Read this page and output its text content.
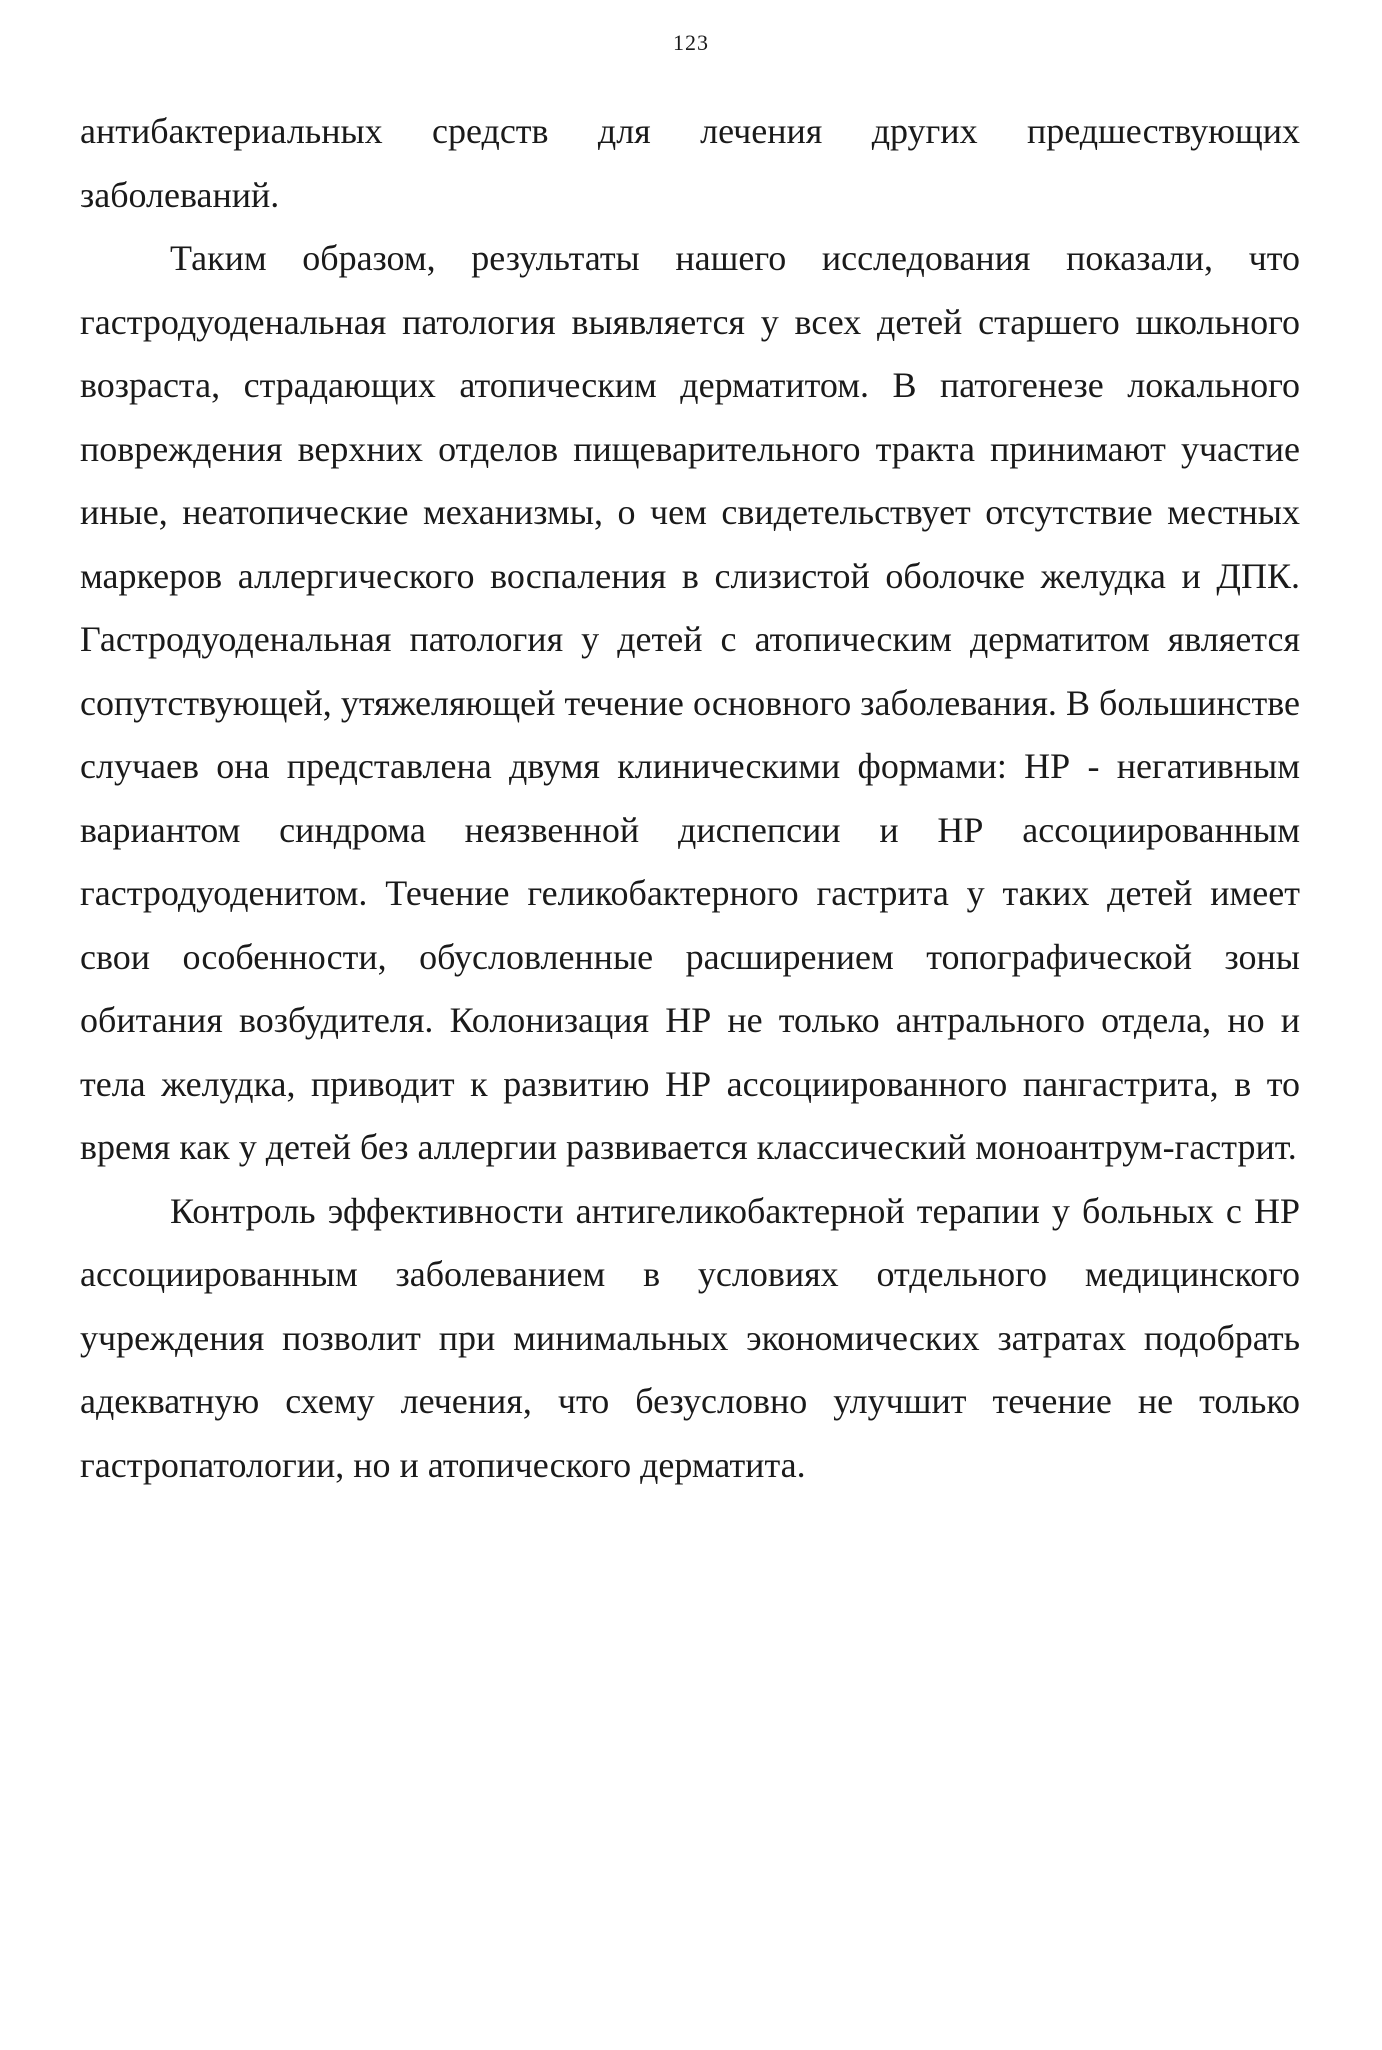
123

антибактериальных средств для лечения других предшествующих заболеваний.

Таким образом, результаты нашего исследования показали, что гастродуоденальная патология выявляется у всех детей старшего школьного возраста, страдающих атопическим дерматитом. В патогенезе локального повреждения верхних отделов пищеварительного тракта принимают участие иные, неатопические механизмы, о чем свидетельствует отсутствие местных маркеров аллергического воспаления в слизистой оболочке желудка и ДПК. Гастродуоденальная патология у детей с атопическим дерматитом является сопутствующей, утяжеляющей течение основного заболевания. В большинстве случаев она представлена двумя клиническими формами: НР - негативным вариантом синдрома неязвенной диспепсии и НР ассоциированным гастродуоденитом. Течение геликобактерного гастрита у таких детей имеет свои особенности, обусловленные расширением топографической зоны обитания возбудителя. Колонизация НР не только антрального отдела, но и тела желудка, приводит к развитию НР ассоциированного пангастрита, в то время как у детей без аллергии развивается классический моноантрум-гастрит.

Контроль эффективности антигеликобактерной терапии у больных с НР ассоциированным заболеванием в условиях отдельного медицинского учреждения позволит при минимальных экономических затратах подобрать адекватную схему лечения, что безусловно улучшит течение не только гастропатологии, но и атопического дерматита.
